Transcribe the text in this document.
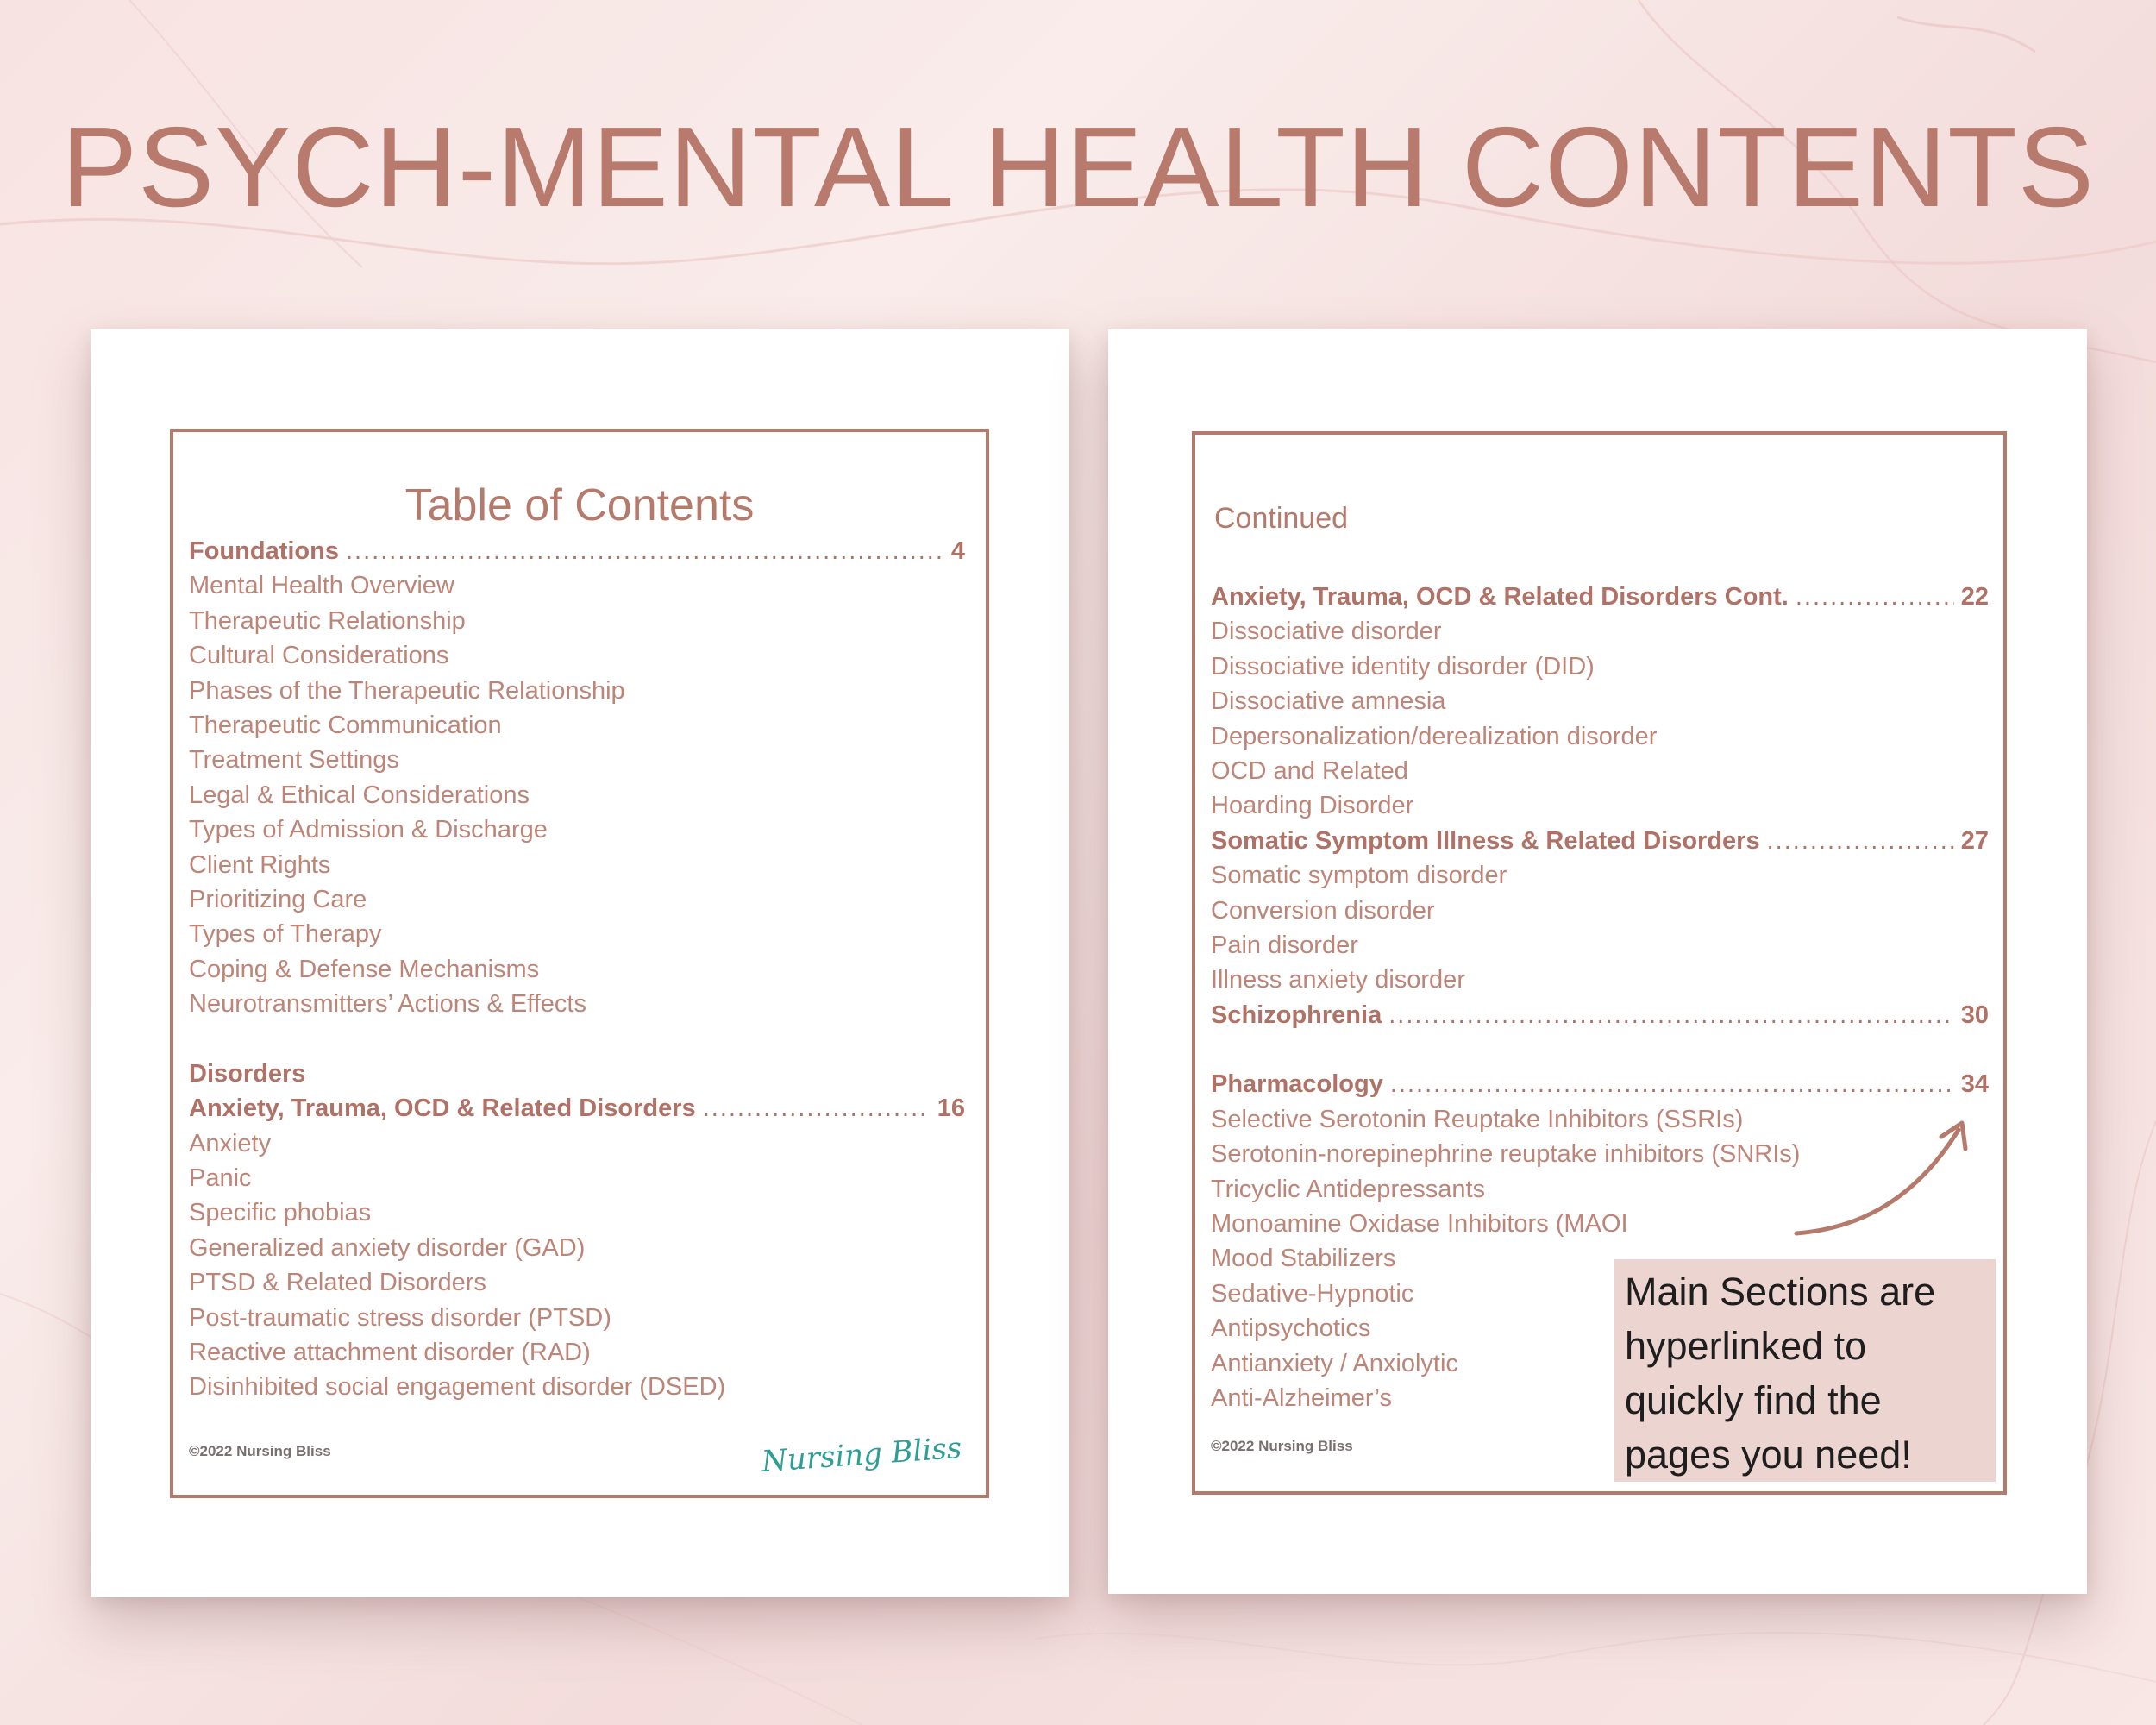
PSYCH-MENTAL HEALTH CONTENTS
Table of Contents
Foundations .....	4
Mental Health Overview
Therapeutic Relationship
Cultural Considerations
Phases of the Therapeutic Relationship
Therapeutic Communication
Treatment Settings
Legal & Ethical Considerations
Types of Admission & Discharge
Client Rights
Prioritizing Care
Types of Therapy
Coping & Defense Mechanisms
Neurotransmitters’ Actions & Effects
Disorders
Anxiety, Trauma, OCD & Related Disorders .....	16
Anxiety
Panic
Specific phobias
Generalized anxiety disorder (GAD)
PTSD & Related Disorders
Post-traumatic stress disorder (PTSD)
Reactive attachment disorder (RAD)
Disinhibited social engagement disorder (DSED)
©2022 Nursing Bliss	Nursing Bliss
Continued
Anxiety, Trauma, OCD & Related Disorders Cont. .....	22
Dissociative disorder
Dissociative identity disorder (DID)
Dissociative amnesia
Depersonalization/derealization disorder
OCD and Related
Hoarding Disorder
Somatic Symptom Illness & Related Disorders .....	27
Somatic symptom disorder
Conversion disorder
Pain disorder
Illness anxiety disorder
Schizophrenia .....	30
Pharmacology .....	34
Selective Serotonin Reuptake Inhibitors (SSRIs)
Serotonin-norepinephrine reuptake inhibitors (SNRIs)
Tricyclic Antidepressants
Monoamine Oxidase Inhibitors (MAOI
Mood Stabilizers
Sedative-Hypnotic
Antipsychotics
Antianxiety / Anxiolytic
Anti-Alzheimer’s
©2022 Nursing Bliss
Main Sections are hyperlinked to quickly find the pages you need!
